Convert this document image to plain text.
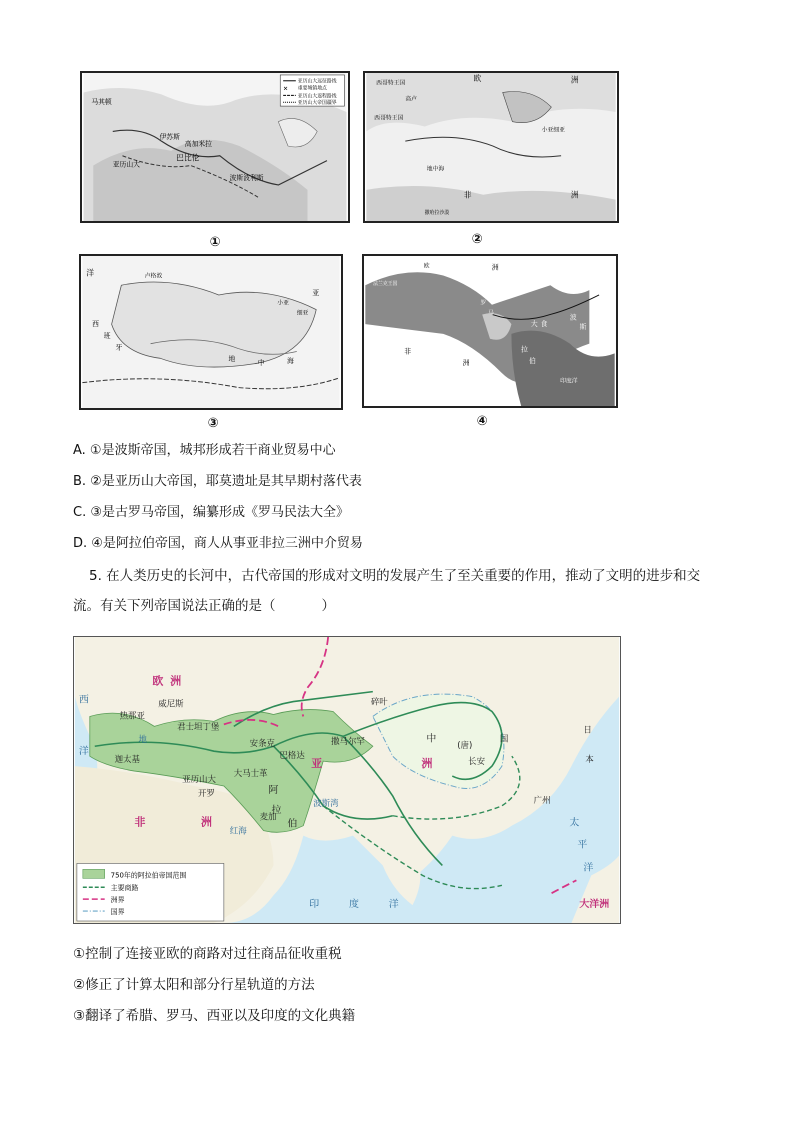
✕
亚历山大远征路线
重要城镇地点
亚历山大返程路线
亚历山大帝国疆界
马其顿
伊苏斯
高加米拉
巴比伦
亚历山大
波斯波利斯
①
西哥特王国
欧	洲
西哥特王国
地中海
非	洲
小亚细亚
高卢
撒哈拉沙漠
②
洋	卢格敦
西
班
牙
亚
地	中	海
小亚
细亚
③
欧	洲
法兰克王国
非
洲
罗
马
大 食
拉
伯
波
斯
印度洋
④
A. ①是波斯帝国，城邦形成若干商业贸易中心
B. ②是亚历山大帝国，耶莫遗址是其早期村落代表
C. ③是古罗马帝国，编纂形成《罗马民法大全》
D. ④是阿拉伯帝国，商人从事亚非拉三洲中介贸易
5. 在人类历史的长河中，古代帝国的形成对文明的发展产生了至关重要的作用，推动了文明的进步和交
流。有关下列帝国说法正确的是（	）
欧 洲
亚	洲
非	洲	太
平
洋
印	度	洋	大洋洲
西
洋
威尼斯
热那亚
君士坦丁堡
迦太基
安条克
巴格达
撒马尔罕
碎叶
中
(唐)
国
长安
大马士革
亚历山大
开罗	阿
拉
伯
麦加
广州
红海
波斯湾
日
本
地
750年的阿拉伯帝国范围
主要商路
洲界
国界
①控制了连接亚欧的商路对过往商品征收重税
②修正了计算太阳和部分行星轨道的方法
③翻译了希腊、罗马、西亚以及印度的文化典籍
